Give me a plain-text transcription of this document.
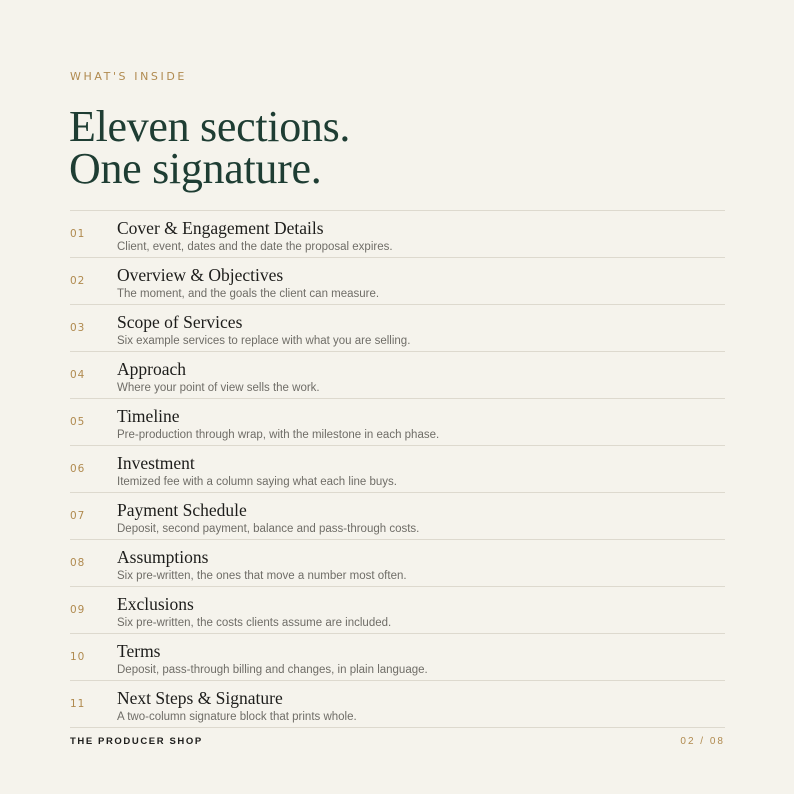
WHAT'S INSIDE
Eleven sections.
One signature.
01 Cover & Engagement Details
Client, event, dates and the date the proposal expires.
02 Overview & Objectives
The moment, and the goals the client can measure.
03 Scope of Services
Six example services to replace with what you are selling.
04 Approach
Where your point of view sells the work.
05 Timeline
Pre-production through wrap, with the milestone in each phase.
06 Investment
Itemized fee with a column saying what each line buys.
07 Payment Schedule
Deposit, second payment, balance and pass-through costs.
08 Assumptions
Six pre-written, the ones that move a number most often.
09 Exclusions
Six pre-written, the costs clients assume are included.
10 Terms
Deposit, pass-through billing and changes, in plain language.
11 Next Steps & Signature
A two-column signature block that prints whole.
THE PRODUCER SHOP	02 / 08
